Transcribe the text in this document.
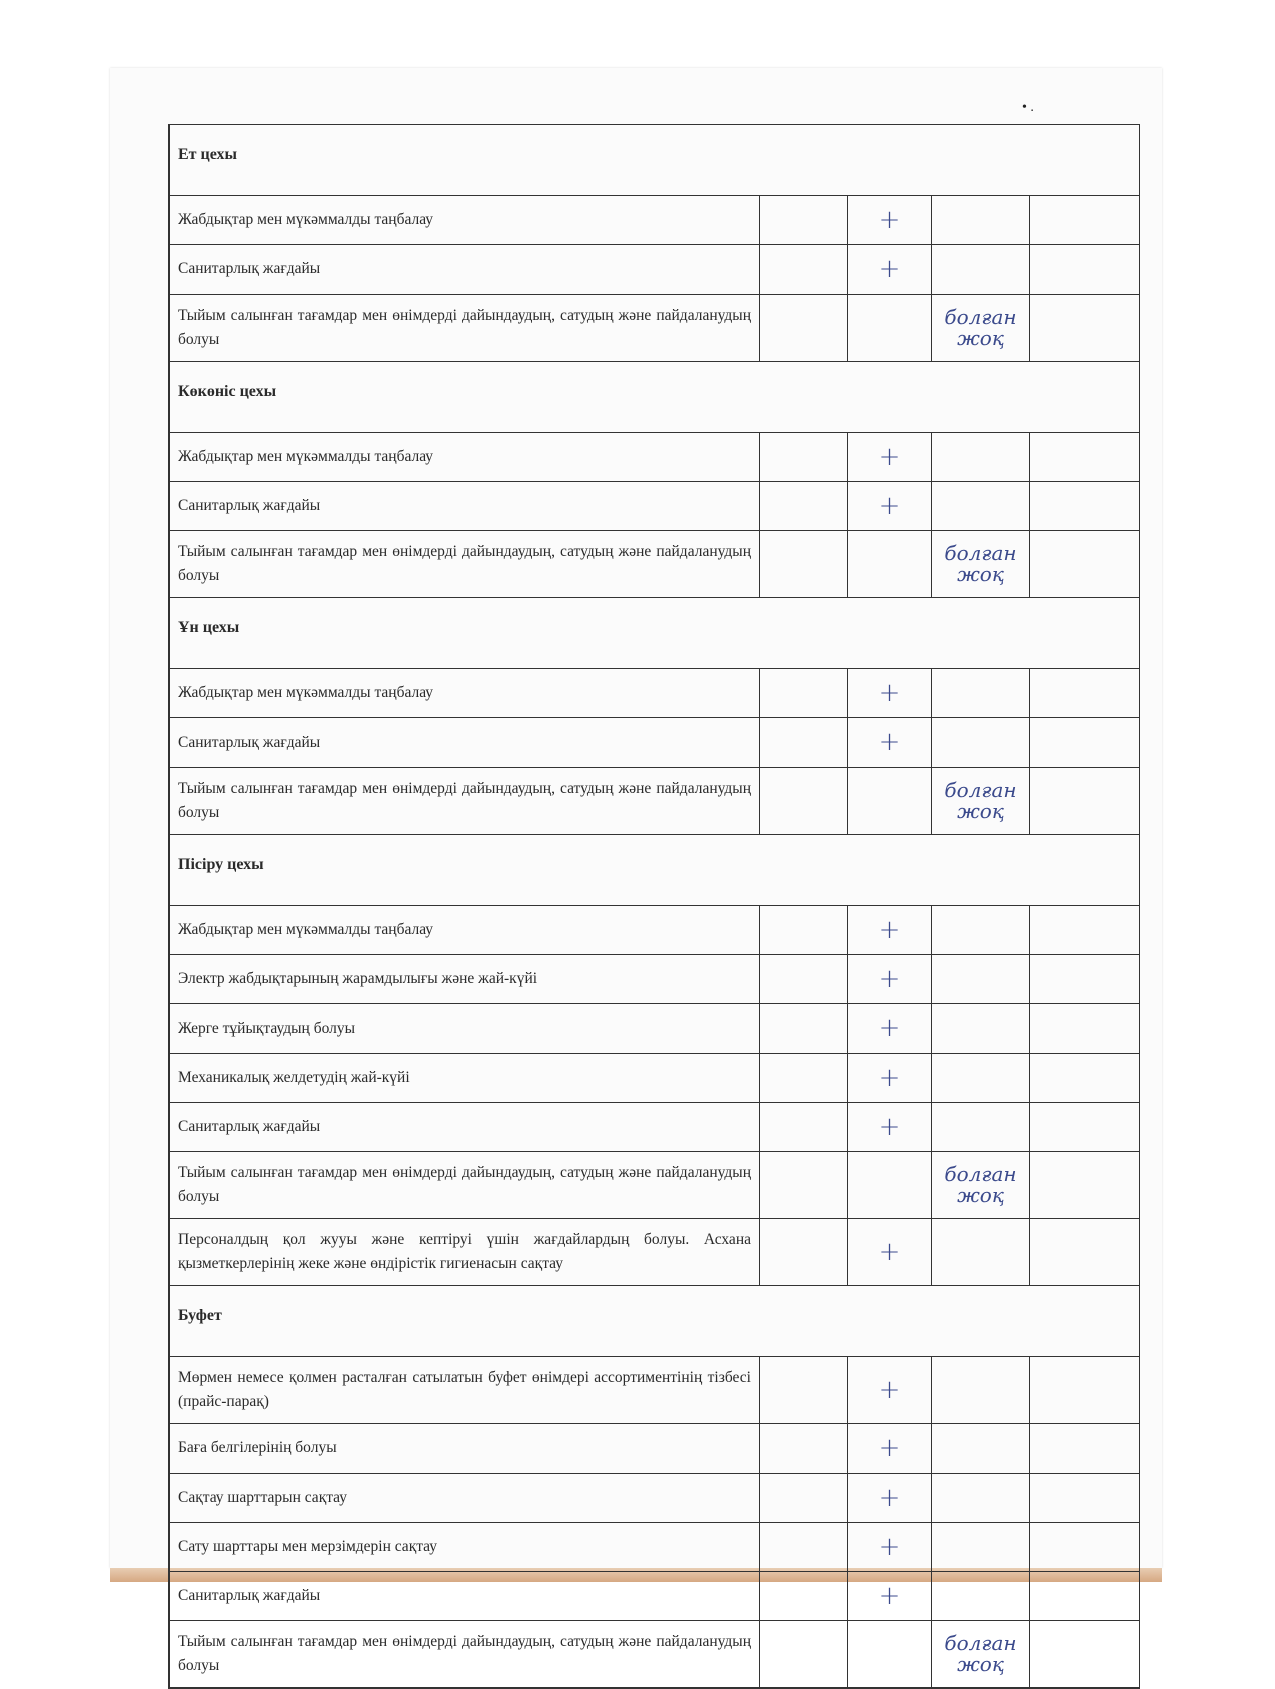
• .
Ет цехы				
Жабдықтар мен мүкәммалды таңбалау		+		
Санитарлық жағдайы		+		
Тыйым салынған тағамдар мен өнімдерді дайындаудың, сатудың және пайдаланудың болуы			болған жоқ	
Көкөніс цехы				
Жабдықтар мен мүкәммалды таңбалау		+		
Санитарлық жағдайы		+		
Тыйым салынған тағамдар мен өнімдерді дайындаудың, сатудың және пайдаланудың болуы			болған жоқ	
Ұн цехы				
Жабдықтар мен мүкәммалды таңбалау		+		
Санитарлық жағдайы		+		
Тыйым салынған тағамдар мен өнімдерді дайындаудың, сатудың және пайдаланудың болуы			болған жоқ	
Пісіру цехы				
Жабдықтар мен мүкәммалды таңбалау		+		
Электр жабдықтарының жарамдылығы және жай-күйі		+		
Жерге тұйықтаудың болуы		+		
Механикалық желдетудің жай-күйі		+		
Санитарлық жағдайы		+		
Тыйым салынған тағамдар мен өнімдерді дайындаудың, сатудың және пайдаланудың болуы			болған жоқ	
Персоналдың қол жууы және кептіруі үшін жағдайлардың болуы. Асхана қызметкерлерінің жеке және өндірістік гигиенасын сақтау		+		
Буфет				
Мөрмен немесе қолмен расталған сатылатын буфет өнімдері ассортиментінің тізбесі (прайс-парақ)		+		
Баға белгілерінің болуы		+		
Сақтау шарттарын сақтау		+		
Сату шарттары мен мерзімдерін сақтау		+		
Санитарлық жағдайы		+		
Тыйым салынған тағамдар мен өнімдерді дайындаудың, сатудың және пайдаланудың болуы			болған жоқ	
